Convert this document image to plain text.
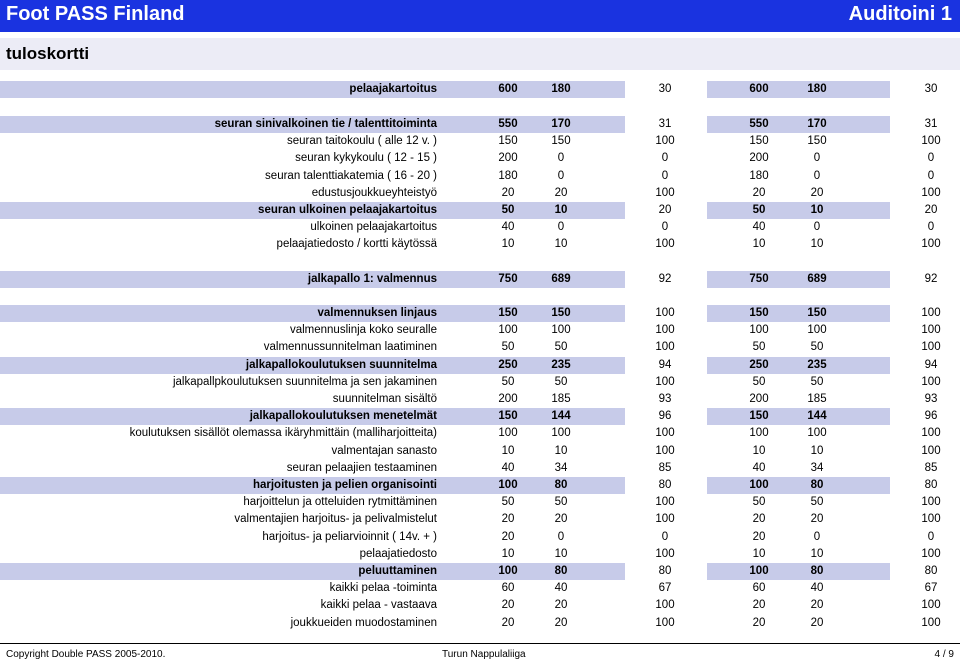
Foot PASS Finland	Auditoini 1
tuloskortti
pelaajakartoitus	600	180	30	600	180	30
seuran sinivalkoinen tie / talenttitoiminta	550	170	31	550	170	31
seuran taitokoulu ( alle 12 v. )	150	150	100	150	150	100
seuran kykykoulu ( 12 - 15 )	200	0	0	200	0	0
seuran talenttiakatemia ( 16 - 20 )	180	0	0	180	0	0
edustusjoukkueyhteistyö	20	20	100	20	20	100
seuran ulkoinen pelaajakartoitus	50	10	20	50	10	20
ulkoinen pelaajakartoitus	40	0	0	40	0	0
pelaajatiedosto / kortti käytössä	10	10	100	10	10	100
jalkapallo 1: valmennus	750	689	92	750	689	92
valmennuksen linjaus	150	150	100	150	150	100
valmennuslinja koko seuralle	100	100	100	100	100	100
valmennussunnitelman laatiminen	50	50	100	50	50	100
jalkapallokoulutuksen suunnitelma	250	235	94	250	235	94
jalkapallpkoulutuksen suunnitelma ja sen jakaminen	50	50	100	50	50	100
suunnitelman sisältö	200	185	93	200	185	93
jalkapallokoulutuksen menetelmät	150	144	96	150	144	96
koulutuksen sisällöt olemassa ikäryhmittäin (malliharjoitteita)	100	100	100	100	100	100
valmentajan sanasto	10	10	100	10	10	100
seuran pelaajien testaaminen	40	34	85	40	34	85
harjoitusten ja pelien organisointi	100	80	80	100	80	80
harjoittelun ja otteluiden rytmittäminen	50	50	100	50	50	100
valmentajien harjoitus- ja pelivalmistelut	20	20	100	20	20	100
harjoitus- ja peliarvioinnit ( 14v. + )	20	0	0	20	0	0
pelaajatiedosto	10	10	100	10	10	100
peluuttaminen	100	80	80	100	80	80
kaikki pelaa -toiminta	60	40	67	60	40	67
kaikki pelaa - vastaava	20	20	100	20	20	100
joukkueiden muodostaminen	20	20	100	20	20	100
Copyright Double PASS 2005-2010.	Turun Nappulaliiga	4 / 9
